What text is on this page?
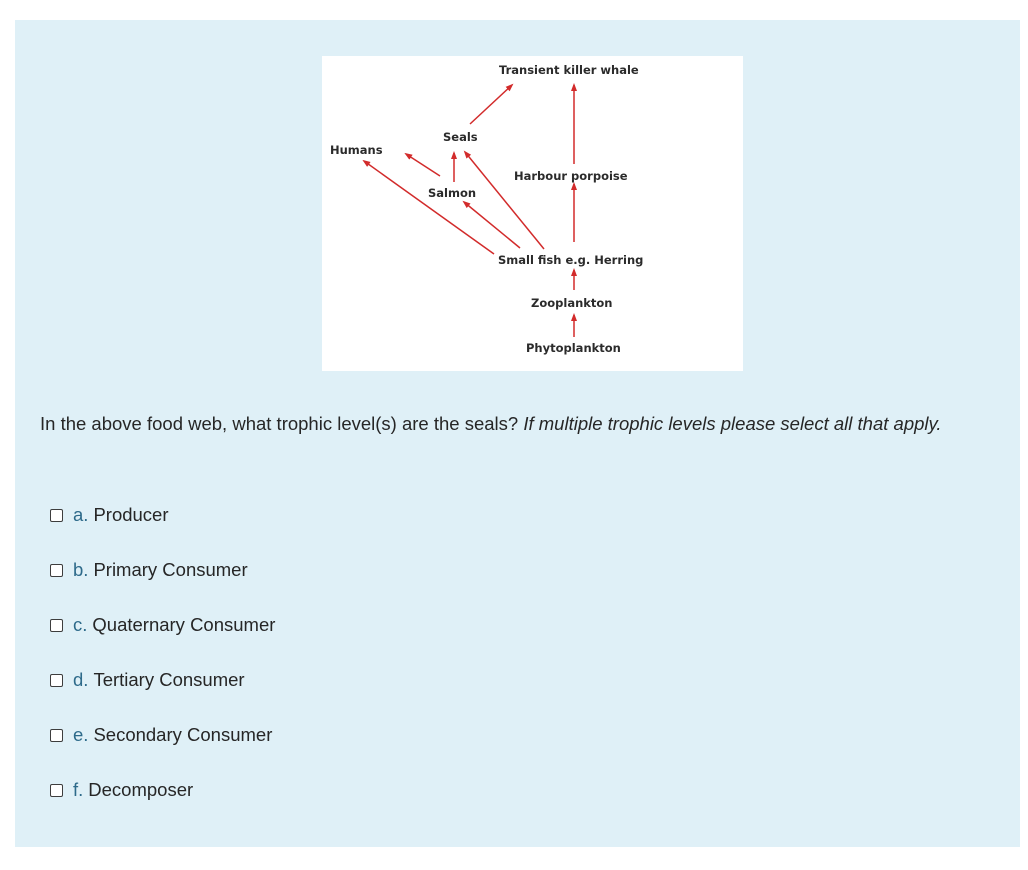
Transient killer whale
Seals
Humans
Harbour porpoise
Salmon
Small fish e.g. Herring
Zooplankton
Phytoplankton
In the above food web, what trophic level(s) are the seals? If multiple trophic levels please select all that apply.
a. Producer
b. Primary Consumer
c. Quaternary Consumer
d. Tertiary Consumer
e. Secondary Consumer
f. Decomposer
